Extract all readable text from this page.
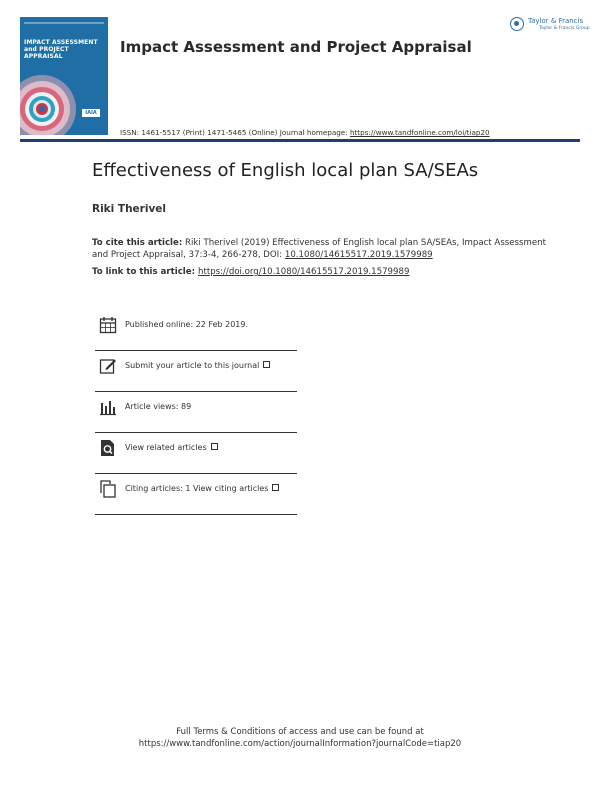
IMPACT ASSESSMENT
and PROJECT APPRAISAL
IAIA
Impact Assessment and Project Appraisal
Taylor & Francis
Taylor & Francis Group
ISSN: 1461-5517 (Print) 1471-5465 (Online) Journal homepage: https://www.tandfonline.com/loi/tiap20
Effectiveness of English local plan SA/SEAs
Riki Therivel
To cite this article: Riki Therivel (2019) Effectiveness of English local plan SA/SEAs, Impact Assessment and Project Appraisal, 37:3-4, 266-278, DOI: 10.1080/14615517.2019.1579989
To link to this article: https://doi.org/10.1080/14615517.2019.1579989
Published online: 22 Feb 2019.
Submit your article to this journal
Article views: 89
View related articles
Citing articles: 1 View citing articles
Full Terms & Conditions of access and use can be found at
https://www.tandfonline.com/action/journalInformation?journalCode=tiap20
